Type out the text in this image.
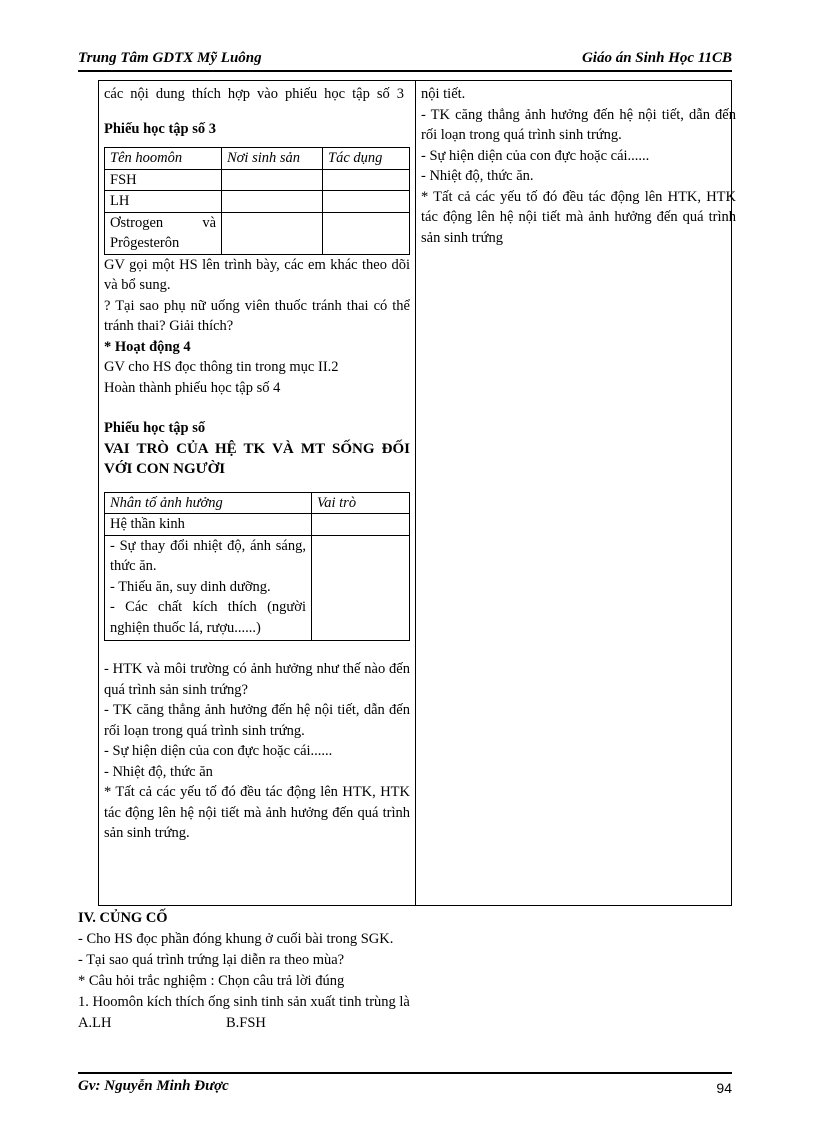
Trung Tâm GDTX Mỹ Luông	Giáo án Sinh Học 11CB

các nội dung thích hợp vào phiếu học tập số 3

Phiếu học tập số 3

Tên hoomôn	Nơi sinh sản	Tác dụng
FSH		
LH		
Ơstrogen và Prôgesterôn		

GV gọi một HS lên trình bày, các em khác theo dõi và bổ sung.

? Tại sao phụ nữ uống viên thuốc tránh thai có thể tránh thai? Giải thích?

* Hoạt động 4

GV cho HS đọc thông tin trong mục II.2

Hoàn thành phiếu học tập số 4

Phiếu học tập số

VAI TRÒ CỦA HỆ TK VÀ MT SỐNG ĐỐI VỚI CON NGƯỜI

Nhân tố ảnh hưởng	Vai trò
Hệ thần kinh	

- Sự thay đổi nhiệt độ, ánh sáng, thức ăn.
- Thiếu ăn, suy dinh dưỡng.
- Các chất kích thích (người nghiện thuốc lá, rượu......)	

- HTK và môi trường có ảnh hưởng như thế nào đến quá trình sản sinh trứng?

- TK căng thẳng ảnh hưởng đến hệ nội tiết, dẫn đến rối loạn trong quá trình sinh trứng.

- Sự hiện diện của con đực hoặc cái......

- Nhiệt độ, thức ăn

* Tất cả các yếu tố đó đều tác động lên HTK, HTK tác động lên hệ nội tiết mà ảnh hưởng đến quá trình sản sinh trứng.

nội tiết.

- TK căng thẳng ảnh hưởng đến hệ nội tiết, dẫn đến rối loạn trong quá trình sinh trứng.

- Sự hiện diện của con đực hoặc cái......

- Nhiệt độ, thức ăn.

* Tất cả các yếu tố đó đều tác động lên HTK, HTK tác động lên hệ nội tiết mà ảnh hưởng đến quá trình sản sinh trứng

IV. CỦNG CỐ

- Cho HS đọc phần đóng khung ở cuối bài trong SGK.

- Tại sao quá trình trứng lại diễn ra theo mùa?

* Câu hỏi trắc nghiệm : Chọn câu trả lời đúng

1. Hoomôn kích thích ống sinh tinh sản xuất tinh trùng là

A.LH	B.FSH

Gv: Nguyễn Minh Được	94
